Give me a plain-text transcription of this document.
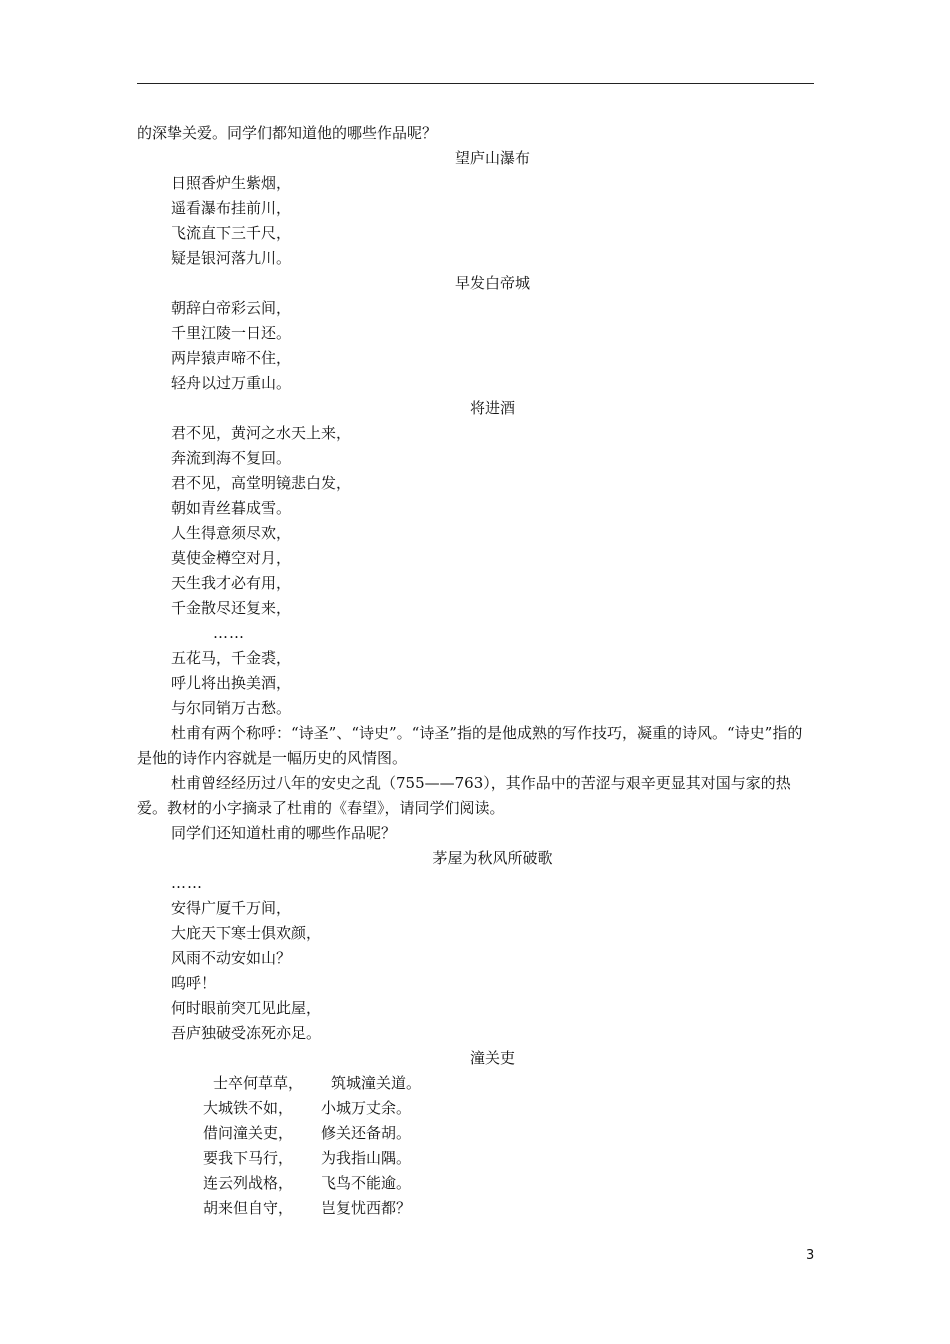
的深挚关爱。同学们都知道他的哪些作品呢？
望庐山瀑布
日照香炉生紫烟，
遥看瀑布挂前川，
飞流直下三千尺，
疑是银河落九川。
早发白帝城
朝辞白帝彩云间，
千里江陵一日还。
两岸猿声啼不住，
轻舟以过万重山。
将进酒
君不见，黄河之水天上来，
奔流到海不复回。
君不见，高堂明镜悲白发，
朝如青丝暮成雪。
人生得意须尽欢，
莫使金樽空对月，
天生我才必有用，
千金散尽还复来，
……
五花马，千金裘，
呼儿将出换美酒，
与尔同销万古愁。
杜甫有两个称呼：“诗圣”、“诗史”。“诗圣”指的是他成熟的写作技巧，凝重的诗风。“诗史”指的是他的诗作内容就是一幅历史的风情图。
杜甫曾经经历过八年的安史之乱（755——763），其作品中的苦涩与艰辛更显其对国与家的热爱。教材的小字摘录了杜甫的《春望》，请同学们阅读。
同学们还知道杜甫的哪些作品呢？
茅屋为秋风所破歌
……
安得广厦千万间，
大庇天下寒士俱欢颜，
风雨不动安如山？
呜呼！
何时眼前突兀见此屋，
吾庐独破受冻死亦足。
潼关吏
士卒何草草， 筑城潼关道。
大城铁不如， 小城万丈余。
借问潼关吏， 修关还备胡。
要我下马行， 为我指山隅。
连云列战格， 飞鸟不能逾。
胡来但自守， 岂复忧西都？
3
